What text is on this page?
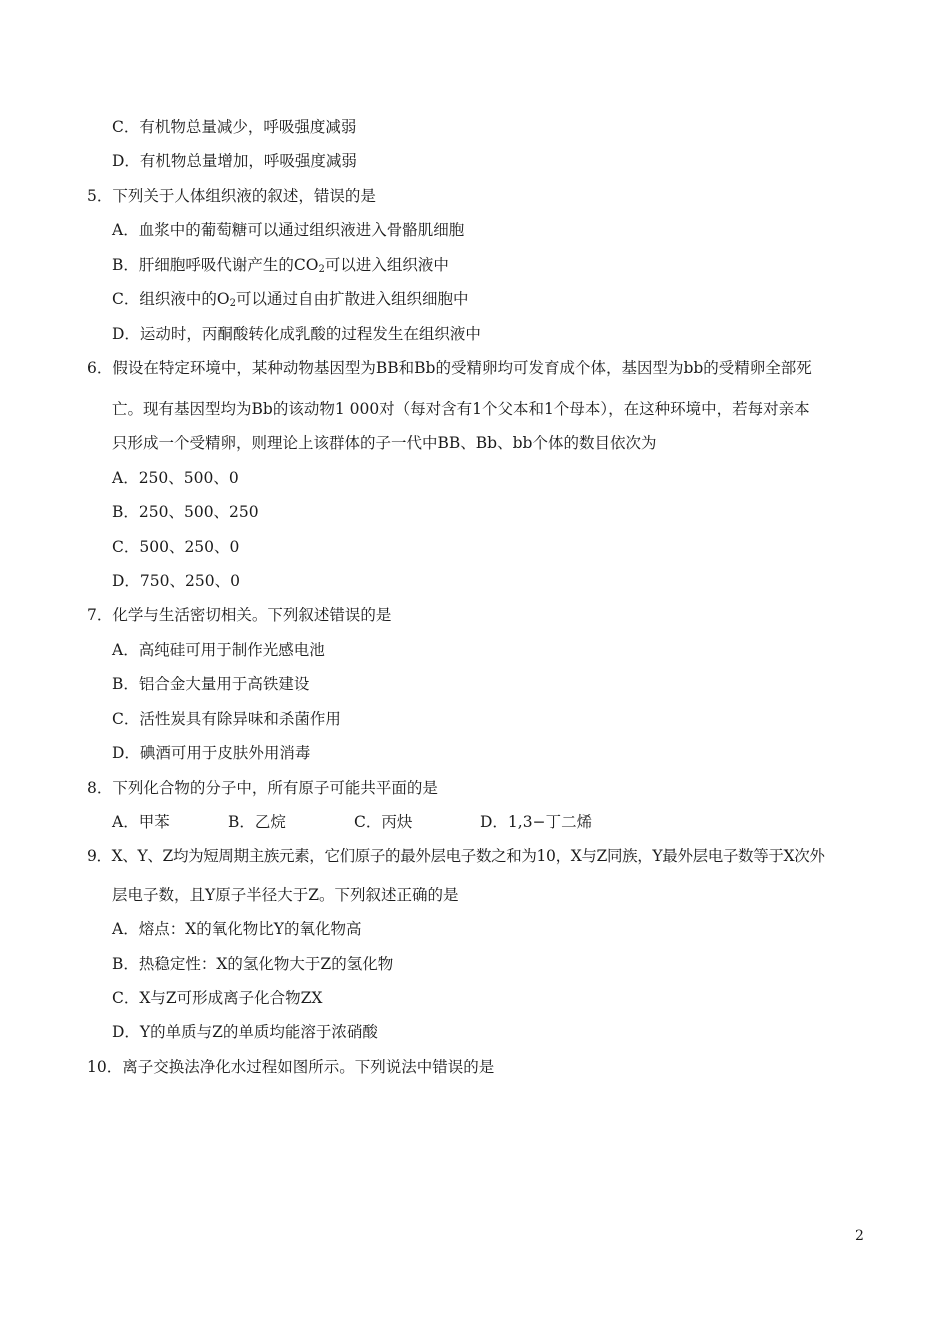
C．有机物总量减少，呼吸强度减弱
D．有机物总量增加，呼吸强度减弱
5．下列关于人体组织液的叙述，错误的是
A．血浆中的葡萄糖可以通过组织液进入骨骼肌细胞
B．肝细胞呼吸代谢产生的$CO_2$可以进入组织液中
C．组织液中的$O_2$可以通过自由扩散进入组织细胞中
D．运动时，丙酮酸转化成乳酸的过程发生在组织液中
6．假设在特定环境中，某种动物基因型为BB和Bb的受精卵均可发育成个体，基因型为bb的受精卵全部死
亡。现有基因型均为Bb的该动物1 000对（每对含有1个父本和1个母本），在这种环境中，若每对亲本
只形成一个受精卵，则理论上该群体的子一代中BB、Bb、bb个体的数目依次为
A．250、500、0
B．250、500、250
C．500、250、0
D．750、250、0
7．化学与生活密切相关。下列叙述错误的是
A．高纯硅可用于制作光感电池
B．铝合金大量用于高铁建设
C．活性炭具有除异味和杀菌作用
D．碘酒可用于皮肤外用消毒
8．下列化合物的分子中，所有原子可能共平面的是
A．甲苯	B．乙烷	C．丙炔	D．1,3−丁二烯
9．X、Y、Z均为短周期主族元素，它们原子的最外层电子数之和为10，X与Z同族，Y最外层电子数等于X次外
层电子数，且Y原子半径大于Z。下列叙述正确的是
A．熔点：X的氧化物比Y的氧化物高
B．热稳定性：X的氢化物大于Z的氢化物
C．X与Z可形成离子化合物ZX
D．Y的单质与Z的单质均能溶于浓硝酸
10．离子交换法净化水过程如图所示。下列说法中错误的是
2
